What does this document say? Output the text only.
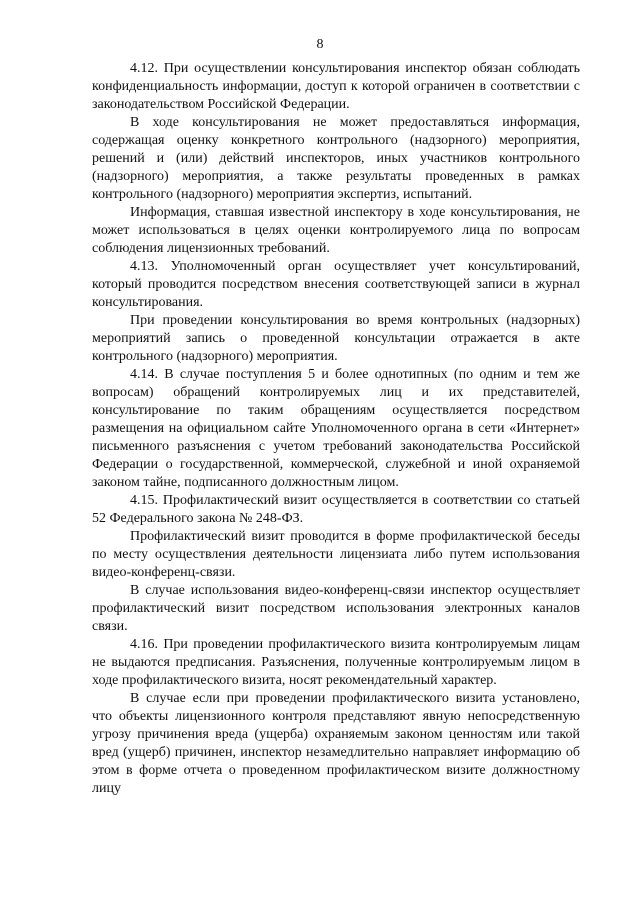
8

4.12. При осуществлении консультирования инспектор обязан соблюдать конфиденциальность информации, доступ к которой ограничен в соответствии с законодательством Российской Федерации.

В ходе консультирования не может предоставляться информация, содержащая оценку конкретного контрольного (надзорного) мероприятия, решений и (или) действий инспекторов, иных участников контрольного (надзорного) мероприятия, а также результаты проведенных в рамках контрольного (надзорного) мероприятия экспертиз, испытаний.

Информация, ставшая известной инспектору в ходе консультирования, не может использоваться в целях оценки контролируемого лица по вопросам соблюдения лицензионных требований.

4.13. Уполномоченный орган осуществляет учет консультирований, который проводится посредством внесения соответствующей записи в журнал консультирования.

При проведении консультирования во время контрольных (надзорных) мероприятий запись о проведенной консультации отражается в акте контрольного (надзорного) мероприятия.

4.14. В случае поступления 5 и более однотипных (по одним и тем же вопросам) обращений контролируемых лиц и их представителей, консультирование по таким обращениям осуществляется посредством размещения на официальном сайте Уполномоченного органа в сети «Интернет» письменного разъяснения с учетом требований законодательства Российской Федерации о государственной, коммерческой, служебной и иной охраняемой законом тайне, подписанного должностным лицом.

4.15. Профилактический визит осуществляется в соответствии со статьей 52 Федерального закона № 248-ФЗ.

Профилактический визит проводится в форме профилактической беседы по месту осуществления деятельности лицензиата либо путем использования видео-конференц-связи.

В случае использования видео-конференц-связи инспектор осуществляет профилактический визит посредством использования электронных каналов связи.

4.16. При проведении профилактического визита контролируемым лицам не выдаются предписания. Разъяснения, полученные контролируемым лицом в ходе профилактического визита, носят рекомендательный характер.

В случае если при проведении профилактического визита установлено, что объекты лицензионного контроля представляют явную непосредственную угрозу причинения вреда (ущерба) охраняемым законом ценностям или такой вред (ущерб) причинен, инспектор незамедлительно направляет информацию об этом в форме отчета о проведенном профилактическом визите должностному лицу
